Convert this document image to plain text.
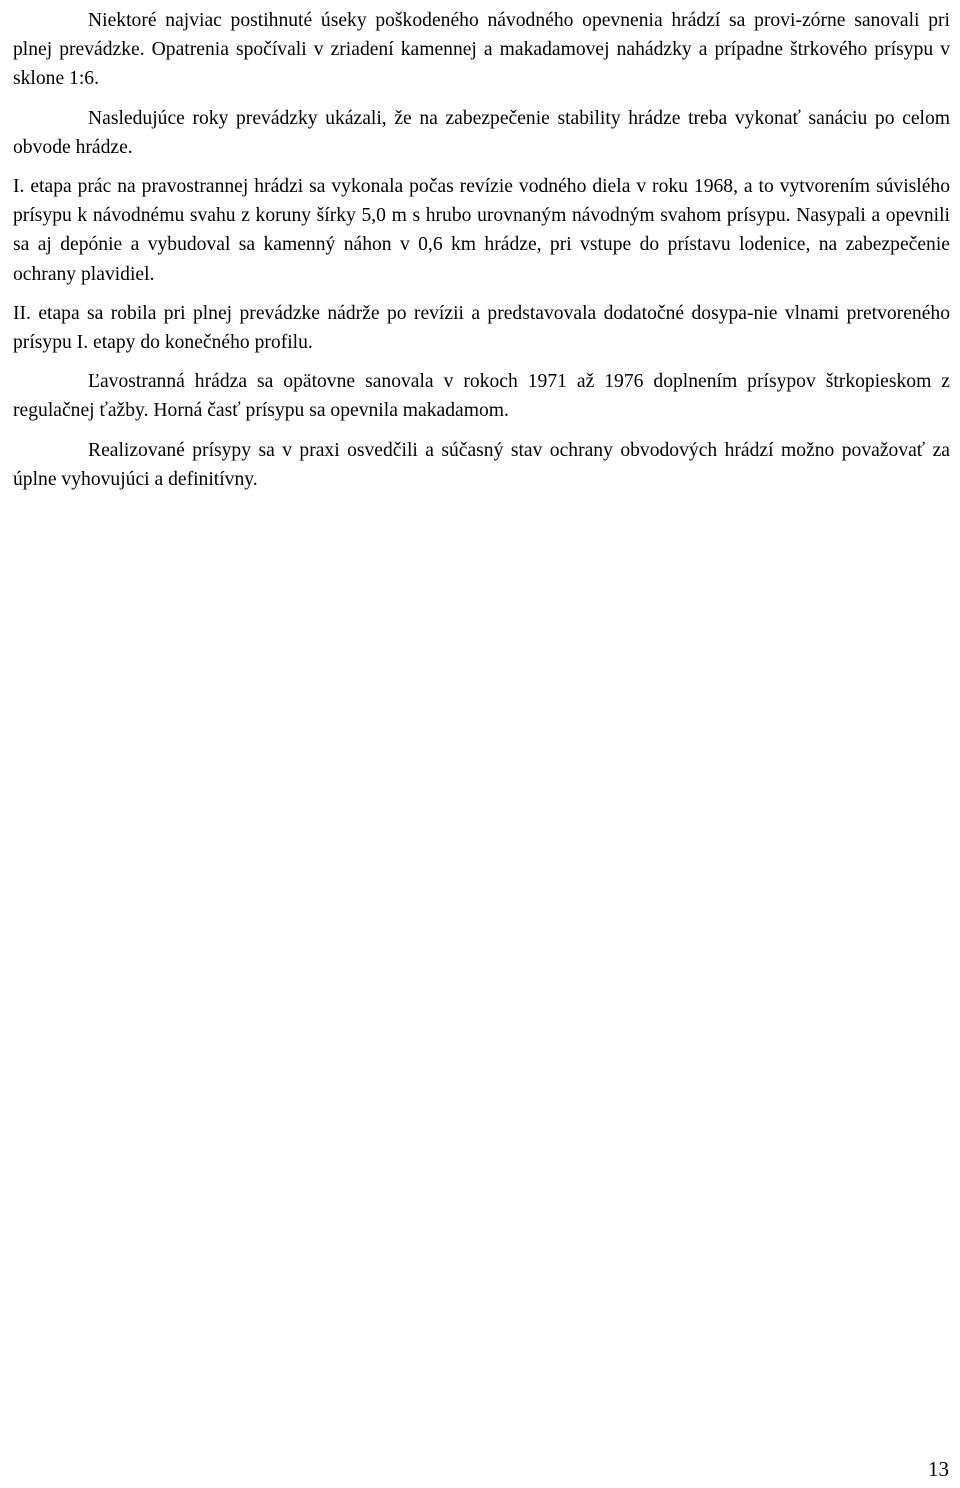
Niektoré najviac postihnuté úseky poškodeného návodného opevnenia hrádzí sa provi-zórne sanovali pri plnej prevádzke. Opatrenia spočívali v zriadení kamennej a makadamovej nahádzky a prípadne štrkového prísypu v sklone 1:6.

Nasledujúce roky prevádzky ukázali, že na zabezpečenie stability hrádze treba vykonať sanáciu po celom obvode hrádze.

I. etapa prác na pravostrannej hrádzi sa vykonala počas revízie vodného diela v roku 1968, a to vytvorením súvislého prísypu k návodnému svahu z koruny šírky 5,0 m s hrubo urovnaným návodným svahom prísypu. Nasypali a opevnili sa aj depónie a vybudoval sa kamenný náhon v 0,6 km hrádze, pri vstupe do prístavu lodenice, na zabezpečenie ochrany plavidiel.

II. etapa sa robila pri plnej prevádzke nádrže po revízii a predstavovala dodatočné dosypa-nie vlnami pretvoreného prísypu I. etapy do konečného profilu.

Ľavostranná hrádza sa opätovne sanovala v rokoch 1971 až 1976 doplnením prísypov štrkopieskom z regulačnej ťažby. Horná časť prísypu sa opevnila makadamom.

Realizované prísypy sa v praxi osvedčili a súčasný stav ochrany obvodových hrádzí možno považovať za úplne vyhovujúci a definitívny.

13
